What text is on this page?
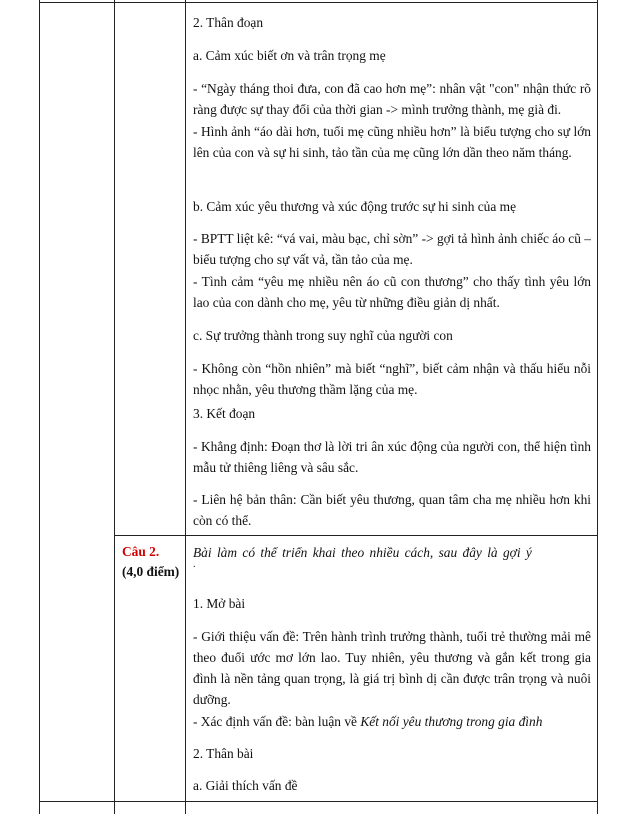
2. Thân đoạn

a. Cảm xúc biết ơn và trân trọng mẹ

- “Ngày tháng thoi đưa, con đã cao hơn mẹ”: nhân vật "con" nhận thức rõ ràng được sự thay đổi của thời gian -> mình trưởng thành, mẹ già đi.

- Hình ảnh “áo dài hơn, tuổi mẹ cũng nhiều hơn” là biểu tượng cho sự lớn lên của con và sự hi sinh, tảo tần của mẹ cũng lớn dần theo năm tháng.

b. Cảm xúc yêu thương và xúc động trước sự hi sinh của mẹ

- BPTT liệt kê: “vá vai, màu bạc, chỉ sờn” -> gợi tả hình ảnh chiếc áo cũ – biểu tượng cho sự vất vả, tần tảo của mẹ.

- Tình cảm “yêu mẹ nhiều nên áo cũ con thương” cho thấy tình yêu lớn lao của con dành cho mẹ, yêu từ những điều giản dị nhất.

c. Sự trưởng thành trong suy nghĩ của người con

- Không còn “hồn nhiên” mà biết “nghĩ”, biết cảm nhận và thấu hiểu nỗi nhọc nhằn, yêu thương thầm lặng của mẹ.

3. Kết đoạn

- Khẳng định: Đoạn thơ là lời tri ân xúc động của người con, thể hiện tình mẫu tử thiêng liêng và sâu sắc.

- Liên hệ bản thân: Cần biết yêu thương, quan tâm cha mẹ nhiều hơn khi còn có thể.

Câu 2.

(4,0 điểm)

Bài làm có thể triển khai theo nhiều cách, sau đây là gợi ý

.

1. Mở bài

- Giới thiệu vấn đề: Trên hành trình trưởng thành, tuổi trẻ thường mải mê theo đuổi ước mơ lớn lao. Tuy nhiên, yêu thương và gắn kết trong gia đình là nền tảng quan trọng, là giá trị bình dị cần được trân trọng và nuôi dưỡng.

- Xác định vấn đề: bàn luận về Kết nối yêu thương trong gia đình

2. Thân bài

a. Giải thích vấn đề
